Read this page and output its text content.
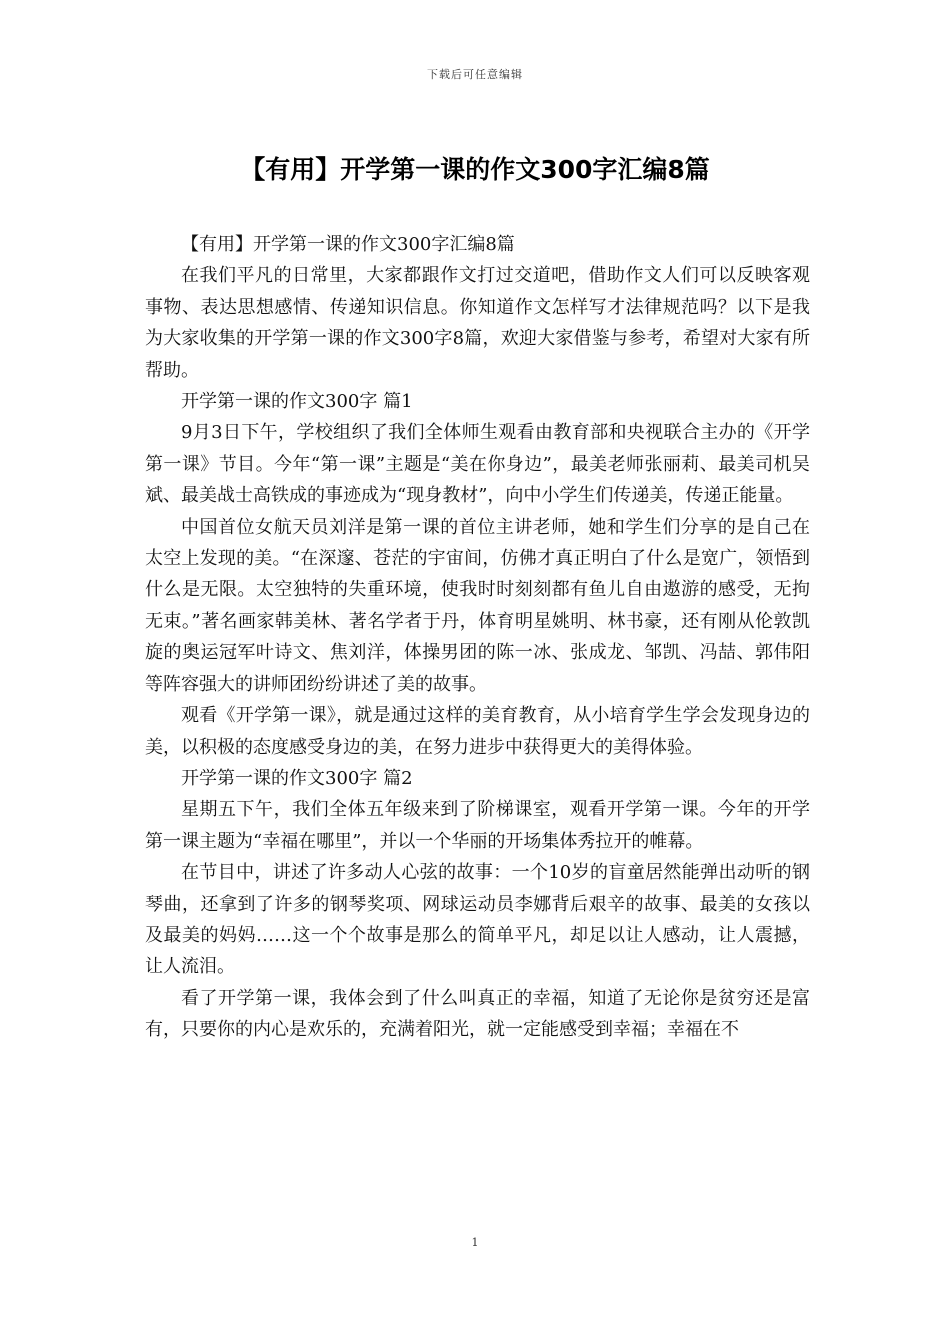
下载后可任意编辑
【有用】开学第一课的作文300字汇编8篇

【有用】开学第一课的作文300字汇编8篇

在我们平凡的日常里，大家都跟作文打过交道吧，借助作文人们可以反映客观事物、表达思想感情、传递知识信息。你知道作文怎样写才法律规范吗？以下是我为大家收集的开学第一课的作文300字8篇，欢迎大家借鉴与参考，希望对大家有所帮助。

开学第一课的作文300字 篇1

9月3日下午，学校组织了我们全体师生观看由教育部和央视联合主办的《开学第一课》节目。今年“第一课”主题是“美在你身边”，最美老师张丽莉、最美司机吴斌、最美战士高铁成的事迹成为“现身教材”，向中小学生们传递美，传递正能量。

中国首位女航天员刘洋是第一课的首位主讲老师，她和学生们分享的是自己在太空上发现的美。“在深邃、苍茫的宇宙间，仿佛才真正明白了什么是宽广，领悟到什么是无限。太空独特的失重环境，使我时时刻刻都有鱼儿自由遨游的感受，无拘无束。”著名画家韩美林、著名学者于丹，体育明星姚明、林书豪，还有刚从伦敦凯旋的奥运冠军叶诗文、焦刘洋，体操男团的陈一冰、张成龙、邹凯、冯喆、郭伟阳等阵容强大的讲师团纷纷讲述了美的故事。

观看《开学第一课》，就是通过这样的美育教育，从小培育学生学会发现身边的美，以积极的态度感受身边的美，在努力进步中获得更大的美得体验。

开学第一课的作文300字 篇2

星期五下午，我们全体五年级来到了阶梯课室，观看开学第一课。今年的开学第一课主题为“幸福在哪里”，并以一个华丽的开场集体秀拉开的帷幕。

在节目中，讲述了许多动人心弦的故事：一个10岁的盲童居然能弹出动听的钢琴曲，还拿到了许多的钢琴奖项、网球运动员李娜背后艰辛的故事、最美的女孩以及最美的妈妈……这一个个故事是那么的简单平凡，却足以让人感动，让人震撼，让人流泪。

看了开学第一课，我体会到了什么叫真正的幸福，知道了无论你是贫穷还是富有，只要你的内心是欢乐的，充满着阳光，就一定能感受到幸福；幸福在不

1
